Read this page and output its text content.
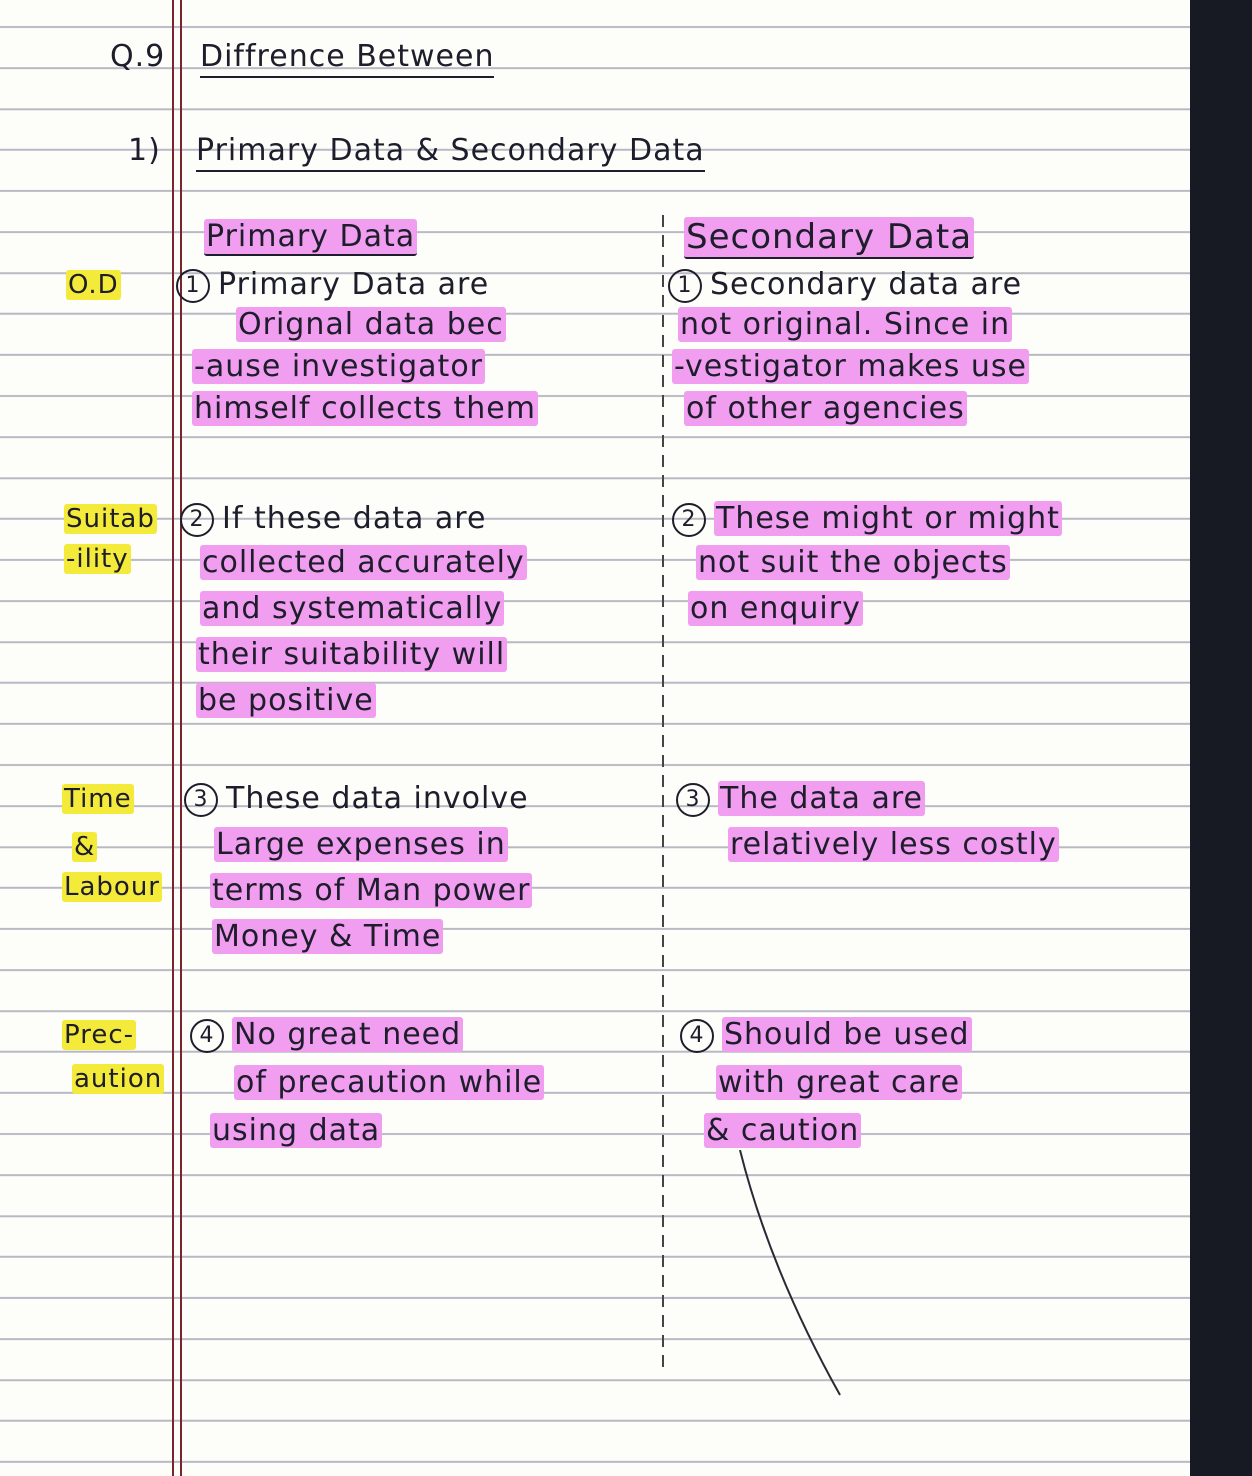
Q.9 Diffrence Between
1) Primary Data & Secondary Data
Primary Data	Secondary Data
O.D	1 Primary Data are
Orignal data bec
-ause investigator
himself collects them
1 Secondary data are
not original. Since in
-vestigator makes use
of other agencies
Suitab
-ility
2 If these data are
collected accurately
and systematically
their suitability will
be positive
2 These might or might
not suit the objects
on enquiry
Time
&
Labour
3 These data involve
Large expenses in
terms of Man power
Money & Time
3 The data are
relatively less costly
Prec-
aution
4 No great need
of precaution while
using data
4 Should be used
with great care
& caution
